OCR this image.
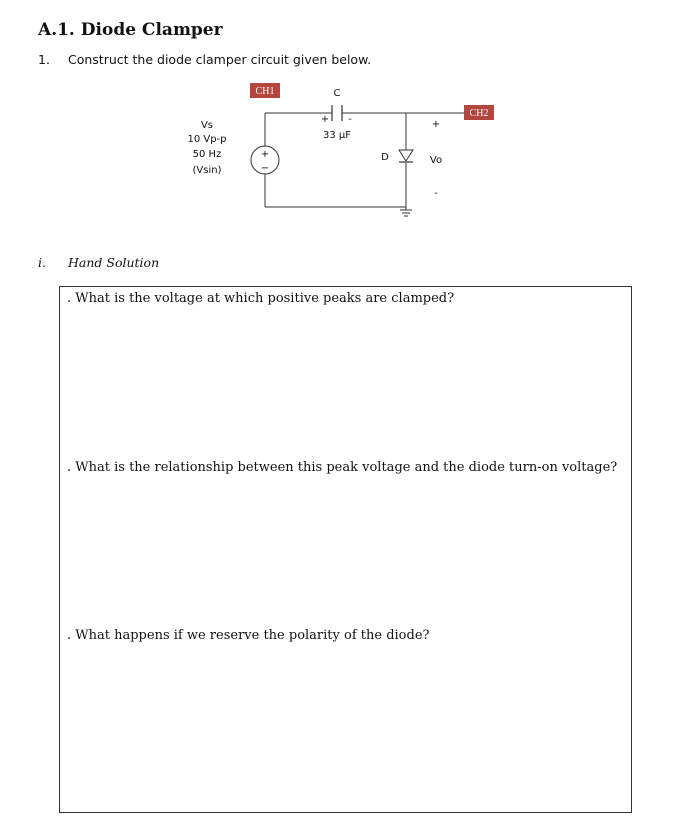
A.1. Diode Clamper
1. Construct the diode clamper circuit given below.
C
+ -
33 µF
+
−
Vs
10 Vp-p
50 Hz
(Vsin)
D
+
Vo
-
CH1
CH2
i. Hand Solution
. What is the voltage at which positive peaks are clamped?
. What is the relationship between this peak voltage and the diode turn-on voltage?
. What happens if we reserve the polarity of the diode?
